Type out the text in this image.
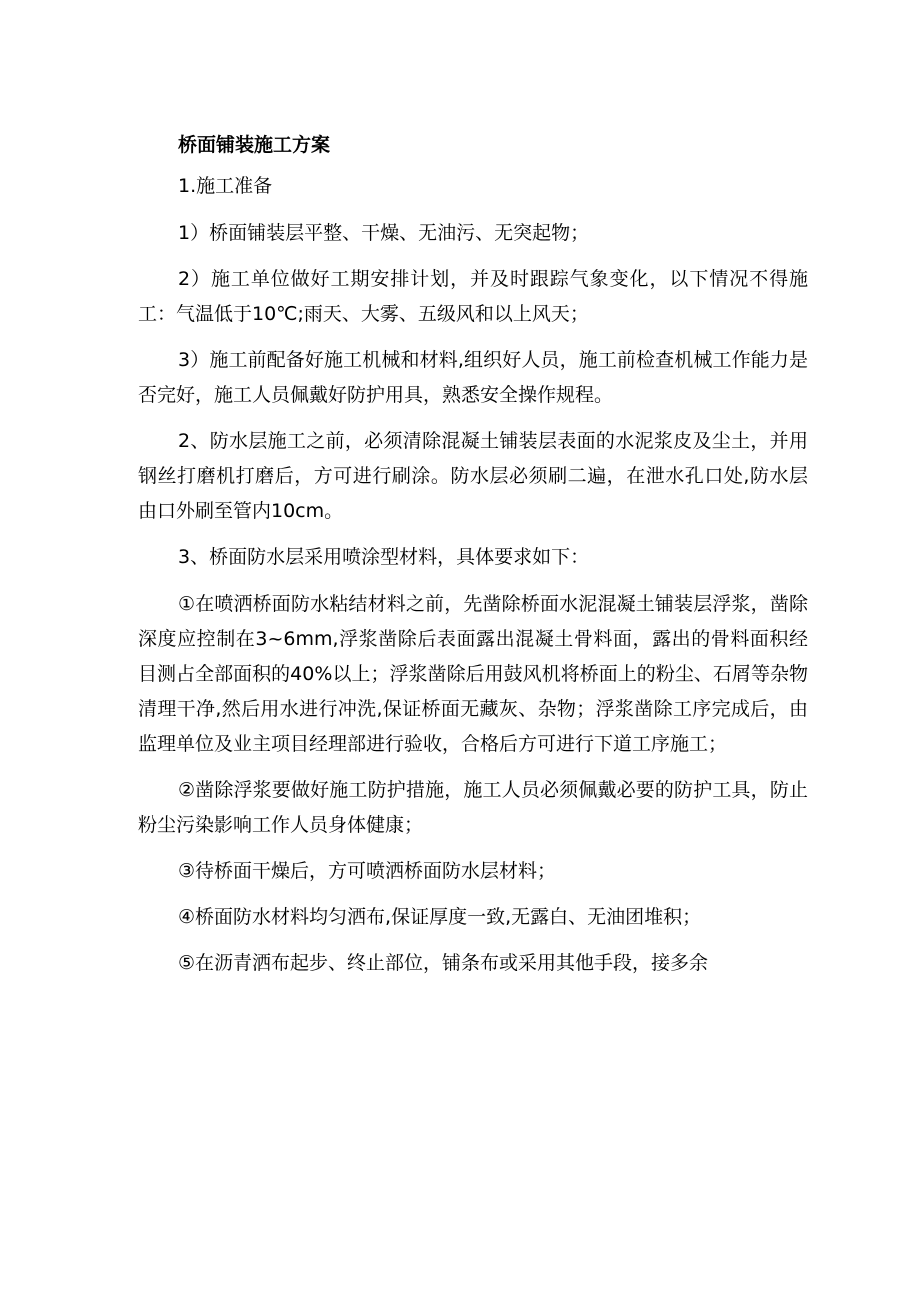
桥面铺装施工方案

1.施工准备

1）桥面铺装层平整、干燥、无油污、无突起物；

2）施工单位做好工期安排计划，并及时跟踪气象变化，以下情况不得施工：气温低于10℃;雨天、大雾、五级风和以上风天；

3）施工前配备好施工机械和材料,组织好人员，施工前检查机械工作能力是否完好，施工人员佩戴好防护用具，熟悉安全操作规程。

2、防水层施工之前，必须清除混凝土铺装层表面的水泥浆皮及尘土，并用钢丝打磨机打磨后，方可进行刷涂。防水层必须刷二遍，在泄水孔口处,防水层由口外刷至管内10cm。

3、桥面防水层采用喷涂型材料，具体要求如下：

①在喷洒桥面防水粘结材料之前，先凿除桥面水泥混凝土铺装层浮浆，凿除深度应控制在3~6mm,浮浆凿除后表面露出混凝土骨料面，露出的骨料面积经目测占全部面积的40%以上；浮浆凿除后用鼓风机将桥面上的粉尘、石屑等杂物清理干净,然后用水进行冲洗,保证桥面无藏灰、杂物；浮浆凿除工序完成后，由监理单位及业主项目经理部进行验收，合格后方可进行下道工序施工；

②凿除浮浆要做好施工防护措施，施工人员必须佩戴必要的防护工具，防止粉尘污染影响工作人员身体健康；

③待桥面干燥后，方可喷洒桥面防水层材料；

④桥面防水材料均匀洒布,保证厚度一致,无露白、无油团堆积；

⑤在沥青洒布起步、终止部位，铺条布或采用其他手段，接多余
